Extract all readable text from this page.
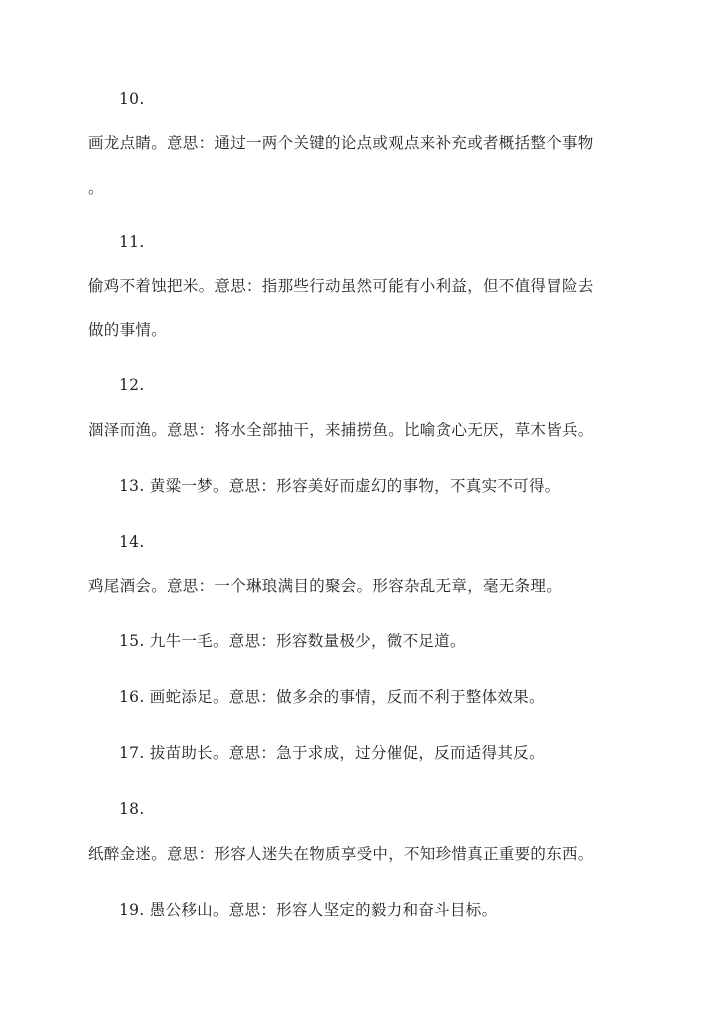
10.
画龙点睛。意思：通过一两个关键的论点或观点来补充或者概括整个事物
。
11.
偷鸡不着蚀把米。意思：指那些行动虽然可能有小利益，但不值得冒险去
做的事情。
12.
涸泽而渔。意思：将水全部抽干，来捕捞鱼。比喻贪心无厌，草木皆兵。
13. 黄粱一梦。意思：形容美好而虚幻的事物，不真实不可得。
14.
鸡尾酒会。意思：一个琳琅满目的聚会。形容杂乱无章，毫无条理。
15. 九牛一毛。意思：形容数量极少，微不足道。
16. 画蛇添足。意思：做多余的事情，反而不利于整体效果。
17. 拔苗助长。意思：急于求成，过分催促，反而适得其反。
18.
纸醉金迷。意思：形容人迷失在物质享受中，不知珍惜真正重要的东西。
19. 愚公移山。意思：形容人坚定的毅力和奋斗目标。
